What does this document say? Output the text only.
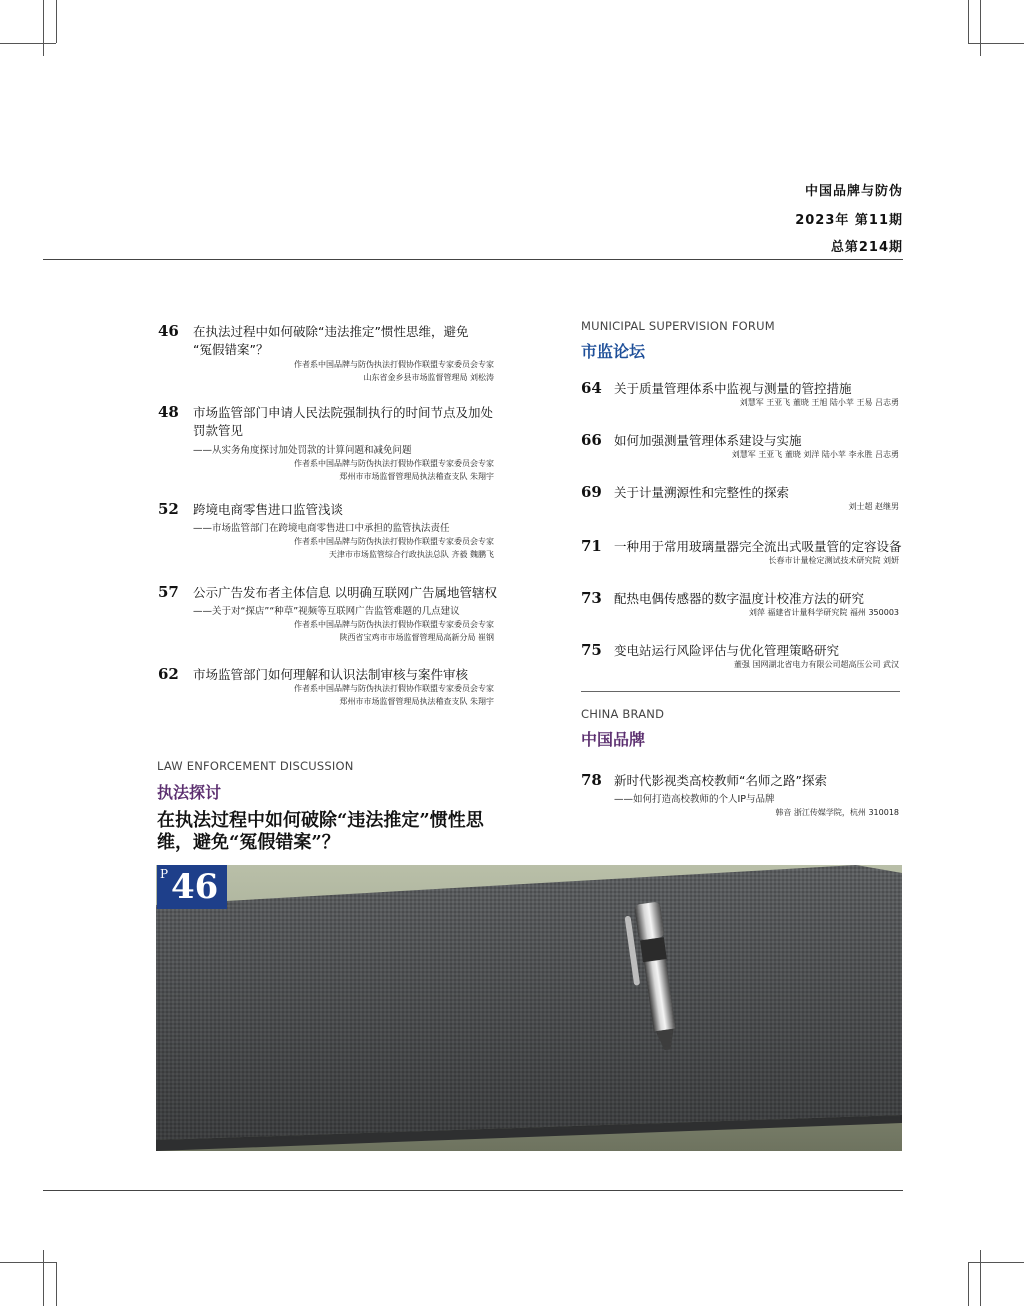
中国品牌与防伪
2023年 第11期
总第214期
46 在执法过程中如何破除“违法推定”惯性思维，避免
“冤假错案”？
作者系中国品牌与防伪执法打假协作联盟专家委员会专家
山东省金乡县市场监督管理局 刘松涛
48 市场监管部门申请人民法院强制执行的时间节点及加处
罚款管见
——从实务角度探讨加处罚款的计算问题和减免问题
作者系中国品牌与防伪执法打假协作联盟专家委员会专家
郑州市市场监督管理局执法稽查支队 朱翔宇
52 跨境电商零售进口监管浅谈
——市场监管部门在跨境电商零售进口中承担的监管执法责任
作者系中国品牌与防伪执法打假协作联盟专家委员会专家
天津市市场监管综合行政执法总队 齐毅 魏鹏飞
57 公示广告发布者主体信息 以明确互联网广告属地管辖权
——关于对“探店”“种草”视频等互联网广告监管难题的几点建议
作者系中国品牌与防伪执法打假协作联盟专家委员会专家
陕西省宝鸡市市场监督管理局高新分局 崔钢
62 市场监管部门如何理解和认识法制审核与案件审核
作者系中国品牌与防伪执法打假协作联盟专家委员会专家
郑州市市场监督管理局执法稽查支队 朱翔宇
LAW ENFORCEMENT DISCUSSION
执法探讨
在执法过程中如何破除“违法推定”惯性思维，避免“冤假错案”？
MUNICIPAL SUPERVISION FORUM
市监论坛
64 关于质量管理体系中监视与测量的管控措施
刘慧军 王亚飞 董晓 王旭 陆小苹 王易 吕志勇
66 如何加强测量管理体系建设与实施
刘慧军 王亚飞 董晓 刘洋 陆小苹 李永胜 吕志勇
69 关于计量溯源性和完整性的探索
刘士超 赵继男
71 一种用于常用玻璃量器完全流出式吸量管的定容设备
长春市计量检定测试技术研究院 刘妍
73 配热电偶传感器的数字温度计校准方法的研究
刘萍 福建省计量科学研究院 福州 350003
75 变电站运行风险评估与优化管理策略研究
董强 国网湖北省电力有限公司超高压公司 武汉
CHINA BRAND
中国品牌
78 新时代影视类高校教师“名师之路”探索
——如何打造高校教师的个人IP与品牌
韩音 浙江传媒学院，杭州 310018
P 46
